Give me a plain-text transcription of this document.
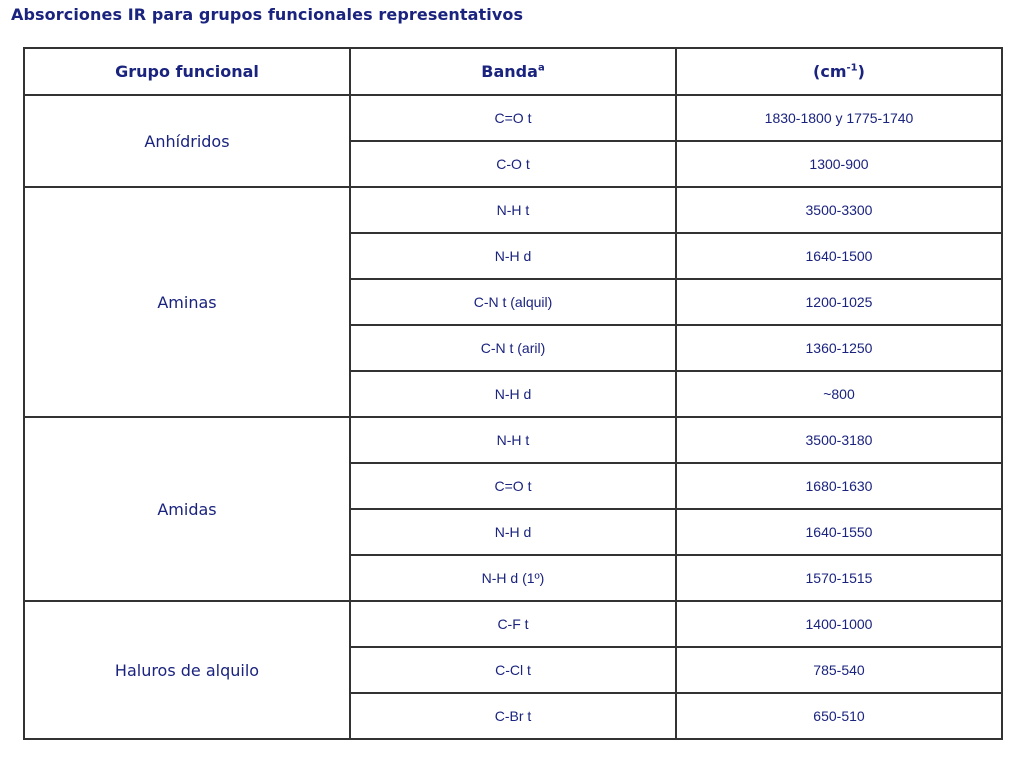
Absorciones IR para grupos funcionales representativos
Grupo funcional	Banda$^a$	$(cm^{-1})$
Anhídridos	C=O t	1830-1800 y 1775-1740
	C-O t	1300-900
Aminas	N-H t	3500-3300
	N-H d	1640-1500
	C-N t (alquil)	1200-1025
	C-N t (aril)	1360-1250
	N-H d	~800
Amidas	N-H t	3500-3180
	C=O t	1680-1630
	N-H d	1640-1550
	N-H d (1º)	1570-1515
Haluros de alquilo	C-F t	1400-1000
	C-Cl t	785-540
	C-Br t	650-510
